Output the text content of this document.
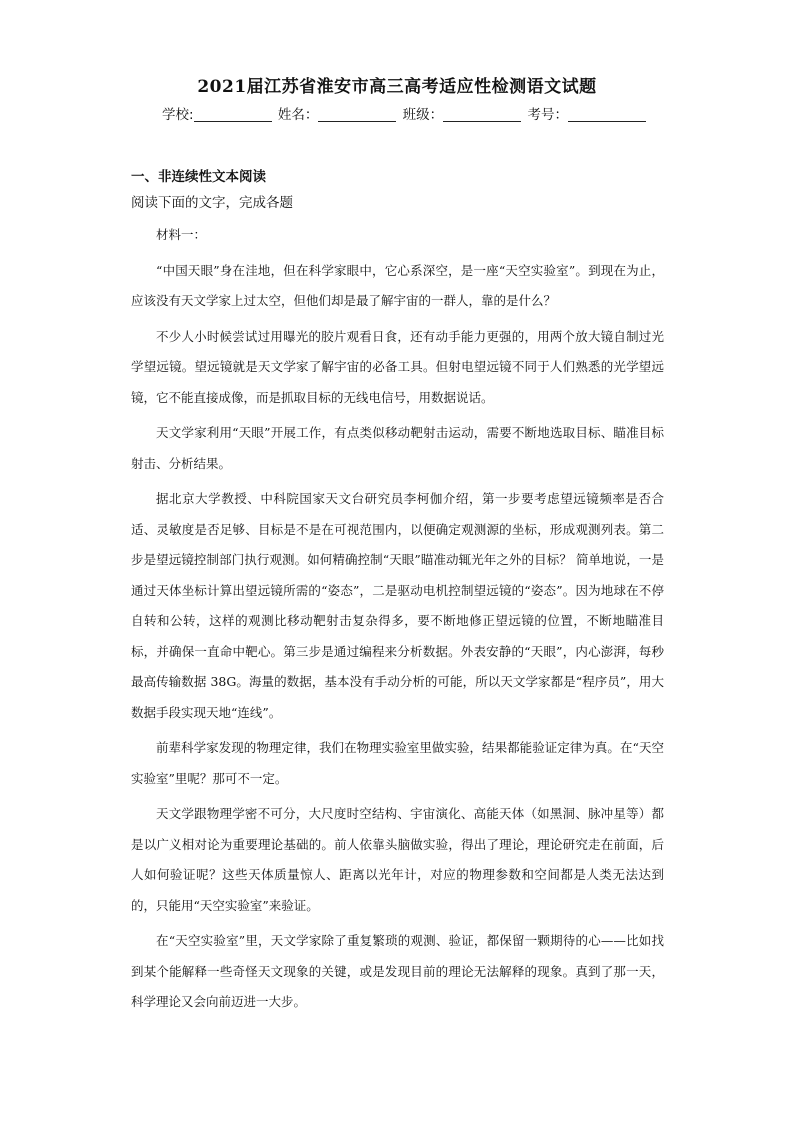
2021届江苏省淮安市高三高考适应性检测语文试题
学校:	姓名：	班级：	考号：
一、非连续性文本阅读
阅读下面的文字，完成各题

材料一：

“中国天眼”身在洼地，但在科学家眼中，它心系深空，是一座“天空实验室”。到现在为止，应该没有天文学家上过太空，但他们却是最了解宇宙的一群人，靠的是什么？

不少人小时候尝试过用曝光的胶片观看日食，还有动手能力更强的，用两个放大镜自制过光学望远镜。望远镜就是天文学家了解宇宙的必备工具。但射电望远镜不同于人们熟悉的光学望远镜，它不能直接成像，而是抓取目标的无线电信号，用数据说话。

天文学家利用“天眼”开展工作，有点类似移动靶射击运动，需要不断地选取目标、瞄准目标射击、分析结果。

据北京大学教授、中科院国家天文台研究员李柯伽介绍，第一步要考虑望远镜频率是否合适、灵敏度是否足够、目标是不是在可视范围内，以便确定观测源的坐标，形成观测列表。第二步是望远镜控制部门执行观测。如何精确控制“天眼”瞄准动辄光年之外的目标？ 简单地说，一是通过天体坐标计算出望远镜所需的“姿态”，二是驱动电机控制望远镜的“姿态”。因为地球在不停自转和公转，这样的观测比移动靶射击复杂得多，要不断地修正望远镜的位置，不断地瞄准目标，并确保一直命中靶心。第三步是通过编程来分析数据。外表安静的“天眼”，内心澎湃，每秒最高传输数据 38G。海量的数据，基本没有手动分析的可能，所以天文学家都是“程序员”，用大数据手段实现天地“连线”。

前辈科学家发现的物理定律，我们在物理实验室里做实验，结果都能验证定律为真。在“天空实验室”里呢？那可不一定。

天文学跟物理学密不可分，大尺度时空结构、宇宙演化、高能天体（如黑洞、脉冲星等）都是以广义相对论为重要理论基础的。前人依靠头脑做实验，得出了理论，理论研究走在前面，后人如何验证呢？这些天体质量惊人、距离以光年计，对应的物理参数和空间都是人类无法达到的，只能用“天空实验室”来验证。

在“天空实验室”里，天文学家除了重复繁琐的观测、验证，都保留一颗期待的心——比如找到某个能解释一些奇怪天文现象的关键，或是发现目前的理论无法解释的现象。真到了那一天，科学理论又会向前迈进一大步。
